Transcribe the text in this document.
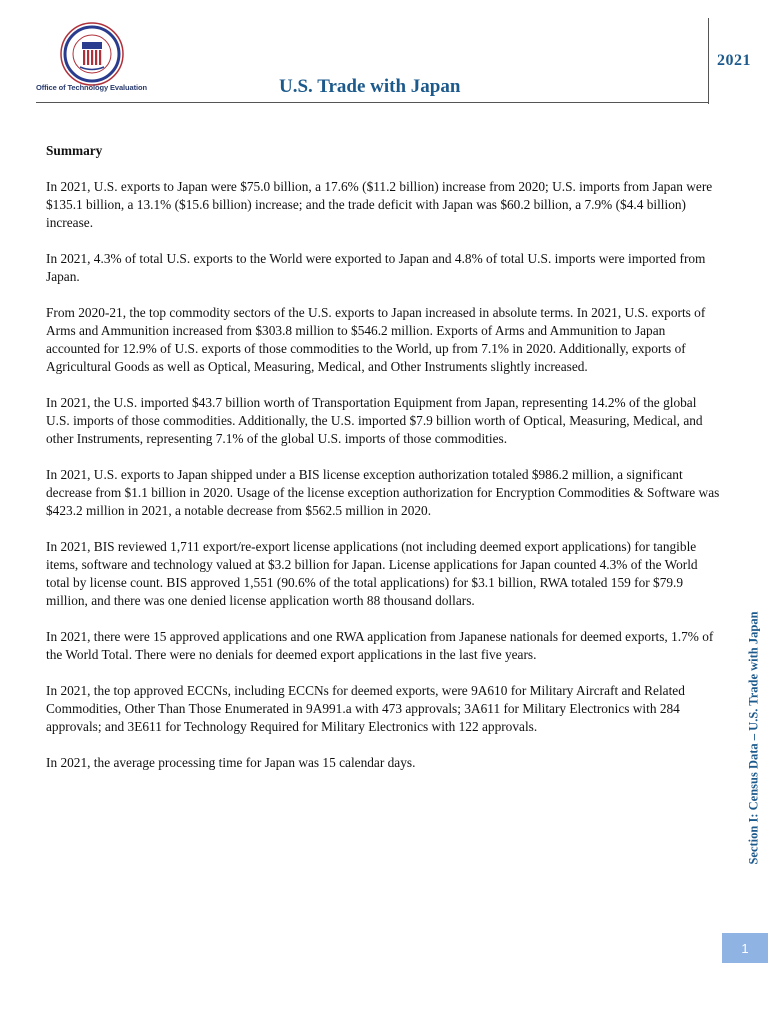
Office of Technology Evaluation	U.S. Trade with Japan
2021
Summary

In 2021, U.S. exports to Japan were $75.0 billion, a 17.6% ($11.2 billion) increase from 2020; U.S. imports from Japan were $135.1 billion, a 13.1% ($15.6 billion) increase; and the trade deficit with Japan was $60.2 billion, a 7.9% ($4.4 billion) increase.

In 2021, 4.3% of total U.S. exports to the World were exported to Japan and 4.8% of total U.S. imports were imported from Japan.

From 2020-21, the top commodity sectors of the U.S. exports to Japan increased in absolute terms. In 2021, U.S. exports of Arms and Ammunition increased from $303.8 million to $546.2 million. Exports of Arms and Ammunition to Japan accounted for 12.9% of U.S. exports of those commodities to the World, up from 7.1% in 2020. Additionally, exports of Agricultural Goods as well as Optical, Measuring, Medical, and Other Instruments slightly increased.

In 2021, the U.S. imported $43.7 billion worth of Transportation Equipment from Japan, representing 14.2% of the global U.S. imports of those commodities. Additionally, the U.S. imported $7.9 billion worth of Optical, Measuring, Medical, and other Instruments, representing 7.1% of the global U.S. imports of those commodities.

In 2021, U.S. exports to Japan shipped under a BIS license exception authorization totaled $986.2 million, a significant decrease from $1.1 billion in 2020. Usage of the license exception authorization for Encryption Commodities & Software was $423.2 million in 2021, a notable decrease from $562.5 million in 2020.

In 2021, BIS reviewed 1,711 export/re-export license applications (not including deemed export applications) for tangible items, software and technology valued at $3.2 billion for Japan. License applications for Japan counted 4.3% of the World total by license count. BIS approved 1,551 (90.6% of the total applications) for $3.1 billion, RWA totaled 159 for $79.9 million, and there was one denied license application worth 88 thousand dollars.

In 2021, there were 15 approved applications and one RWA application from Japanese nationals for deemed exports, 1.7% of the World Total. There were no denials for deemed export applications in the last five years.

In 2021, the top approved ECCNs, including ECCNs for deemed exports, were 9A610 for Military Aircraft and Related Commodities, Other Than Those Enumerated in 9A991.a with 473 approvals; 3A611 for Military Electronics with 284 approvals; and 3E611 for Technology Required for Military Electronics with 122 approvals.

In 2021, the average processing time for Japan was 15 calendar days.	Section I: Census Data – U.S. Trade with Japan
1
